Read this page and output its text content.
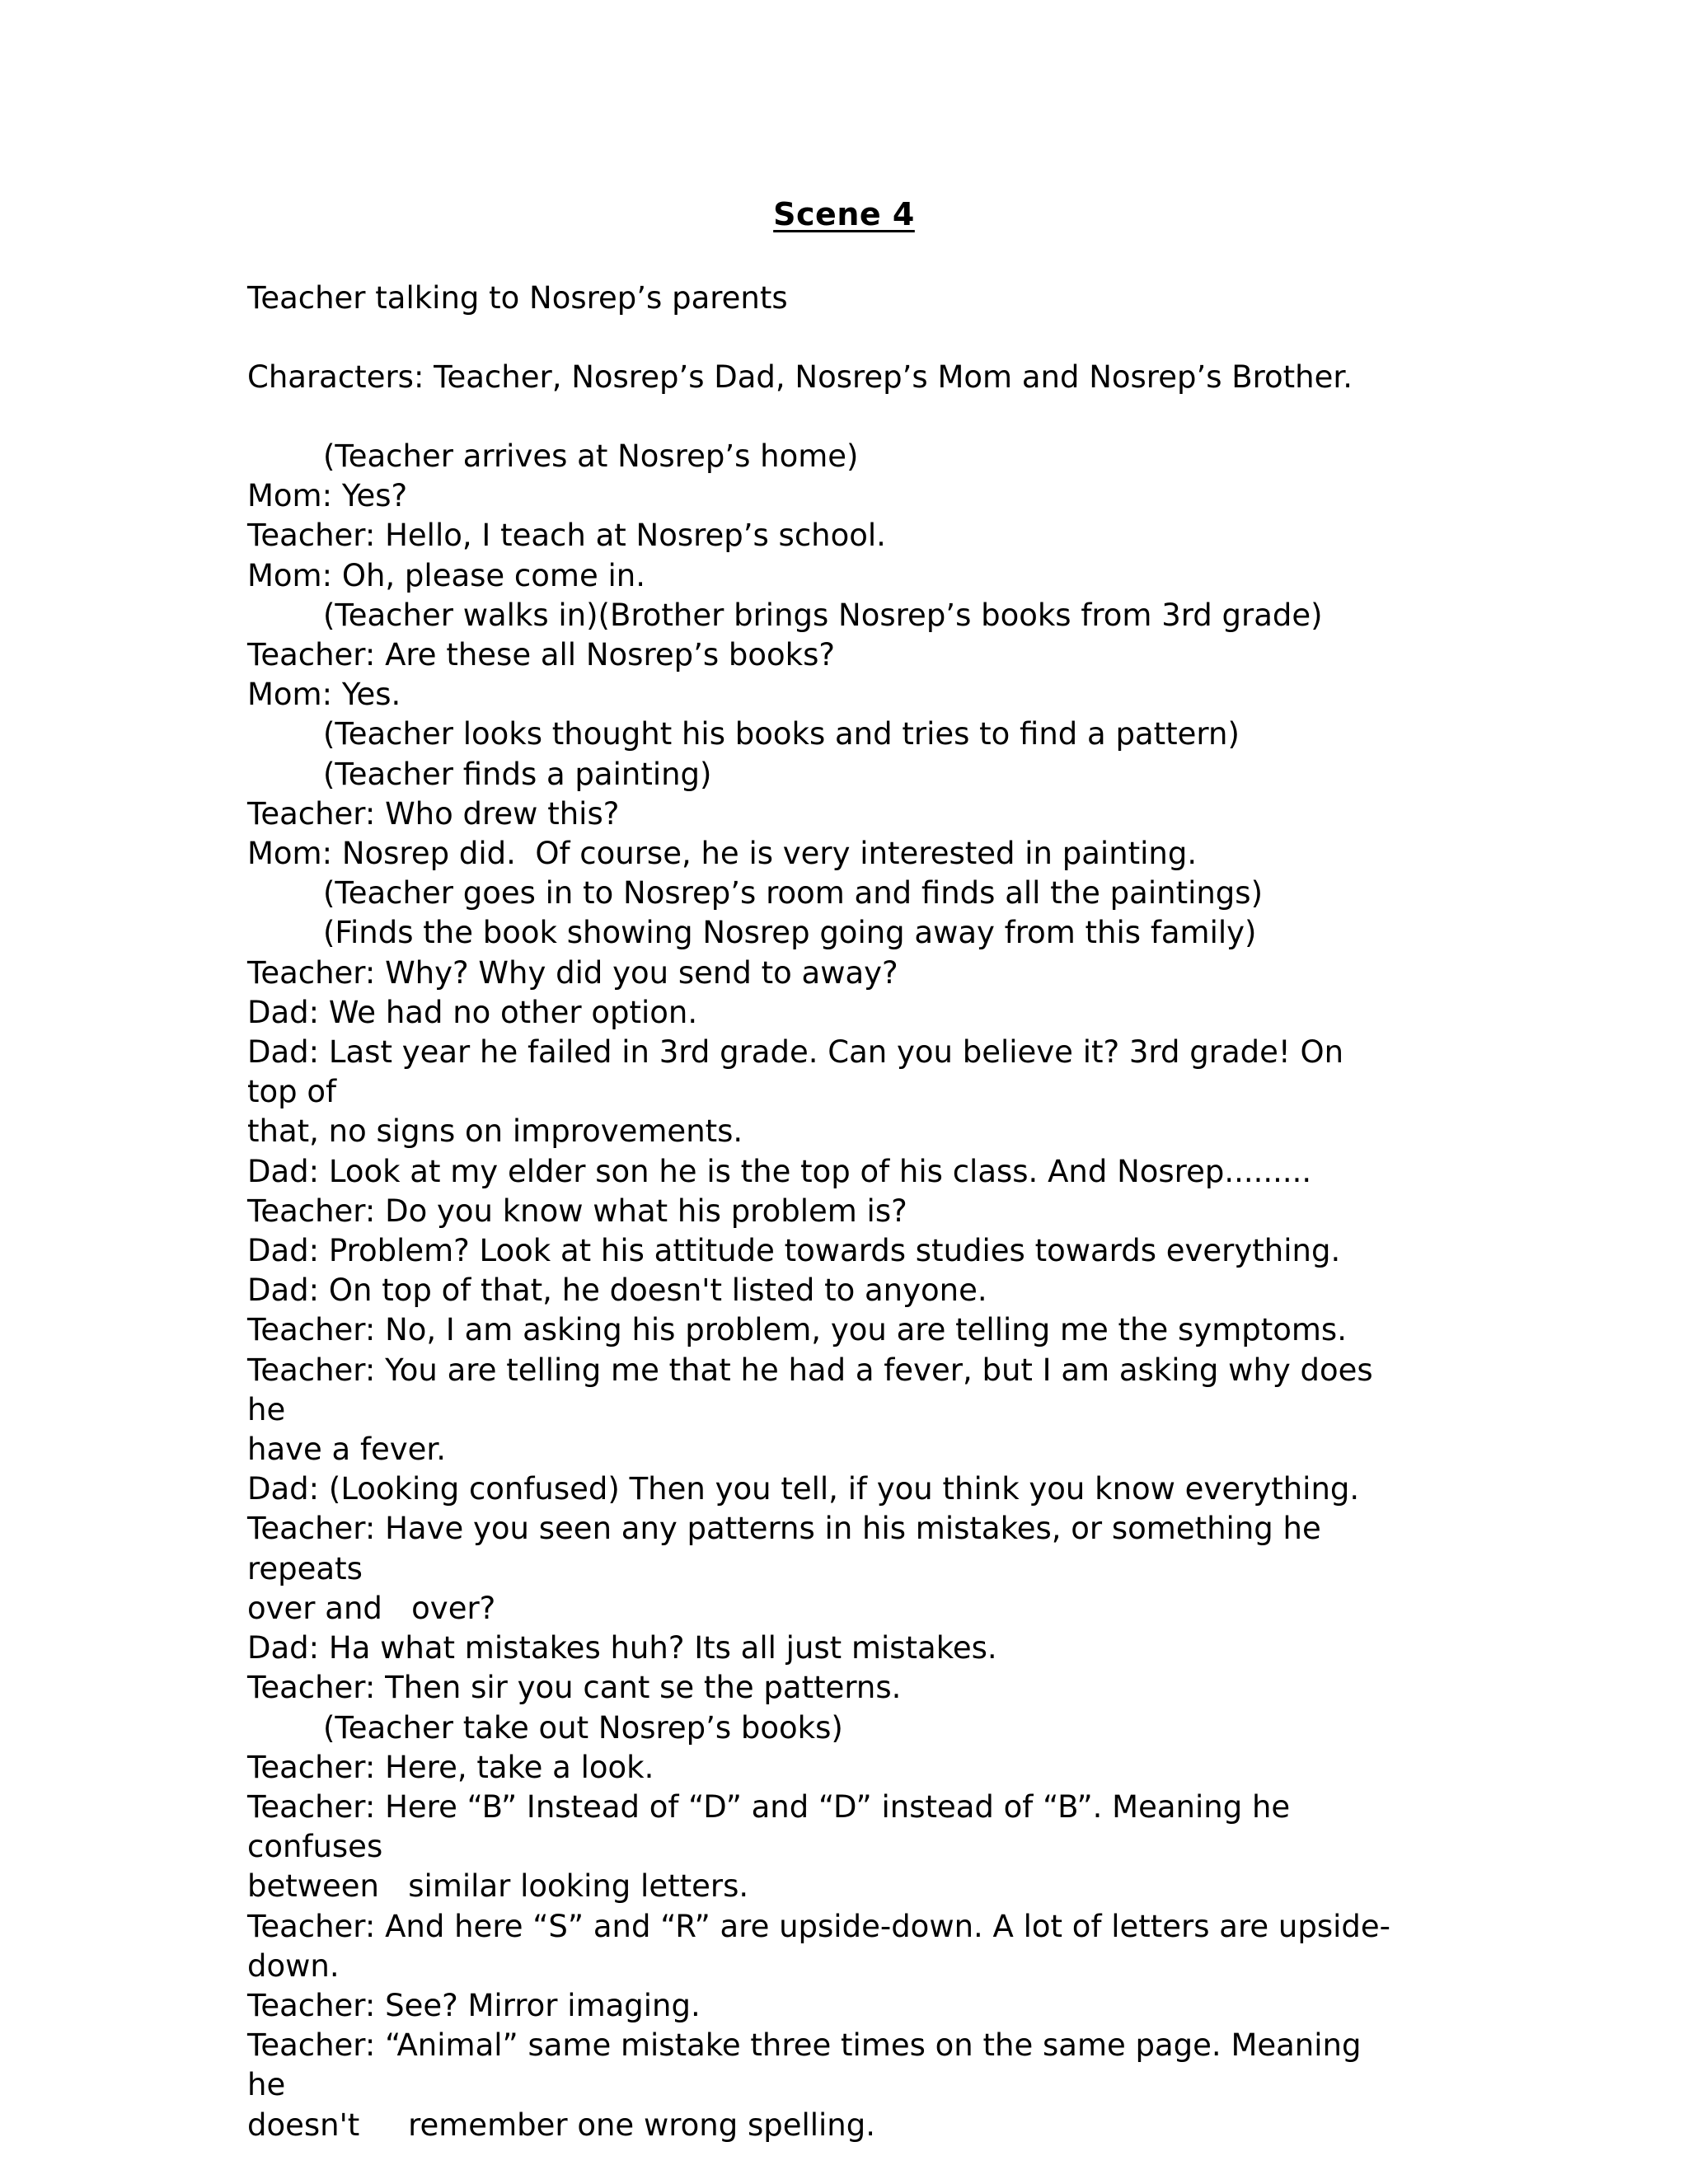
Scene 4
Teacher talking to Nosrep’s parents
Characters: Teacher, Nosrep’s Dad, Nosrep’s Mom and Nosrep’s Brother.
(Teacher arrives at Nosrep’s home)
Mom: Yes?
Teacher: Hello, I teach at Nosrep’s school.
Mom: Oh, please come in.
(Teacher walks in)(Brother brings Nosrep’s books from 3rd grade)
Teacher: Are these all Nosrep’s books?
Mom: Yes.
(Teacher looks thought his books and tries to find a pattern)
(Teacher finds a painting)
Teacher: Who drew this?
Mom: Nosrep did.  Of course, he is very interested in painting.
(Teacher goes in to Nosrep’s room and finds all the paintings)
(Finds the book showing Nosrep going away from this family)
Teacher: Why? Why did you send to away?
Dad: We had no other option.
Dad: Last year he failed in 3rd grade. Can you believe it? 3rd grade! On top of
that, no signs on improvements.
Dad: Look at my elder son he is the top of his class. And Nosrep.........
Teacher: Do you know what his problem is?
Dad: Problem? Look at his attitude towards studies towards everything.
Dad: On top of that, he doesn't listed to anyone.
Teacher: No, I am asking his problem, you are telling me the symptoms.
Teacher: You are telling me that he had a fever, but I am asking why does he
have a fever.
Dad: (Looking confused) Then you tell, if you think you know everything.
Teacher: Have you seen any patterns in his mistakes, or something he repeats
over and   over?
Dad: Ha what mistakes huh? Its all just mistakes.
Teacher: Then sir you cant se the patterns.
(Teacher take out Nosrep’s books)
Teacher: Here, take a look.
Teacher: Here “B” Instead of “D” and “D” instead of “B”. Meaning he confuses
between   similar looking letters.
Teacher: And here “S” and “R” are upside-down. A lot of letters are upside-
down.
Teacher: See? Mirror imaging.
Teacher: “Animal” same mistake three times on the same page. Meaning he
doesn't     remember one wrong spelling.
